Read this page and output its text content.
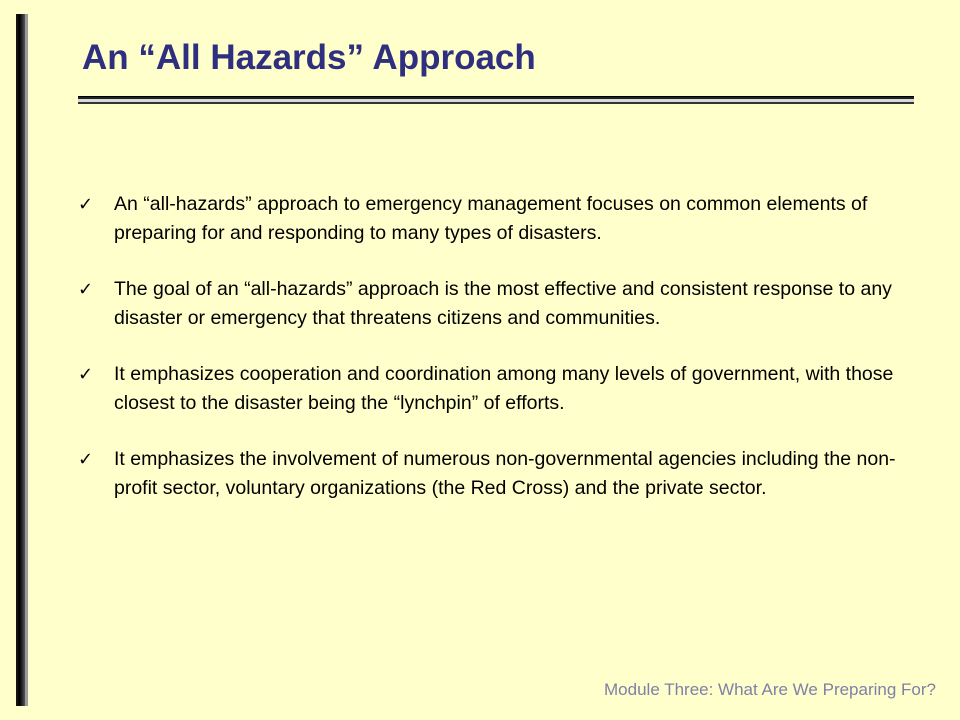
An “All Hazards” Approach
✓ An “all-hazards” approach to emergency management focuses on common elements of preparing for and responding to many types of disasters.
✓ The goal of an “all-hazards” approach is the most effective and consistent response to any disaster or emergency that threatens citizens and communities.
✓ It emphasizes cooperation and coordination among many levels of government, with those closest to the disaster being the “lynchpin” of efforts.
✓ It emphasizes the involvement of numerous non-governmental agencies including the non-profit sector, voluntary organizations (the Red Cross) and the private sector.
Module Three: What Are We Preparing For?
